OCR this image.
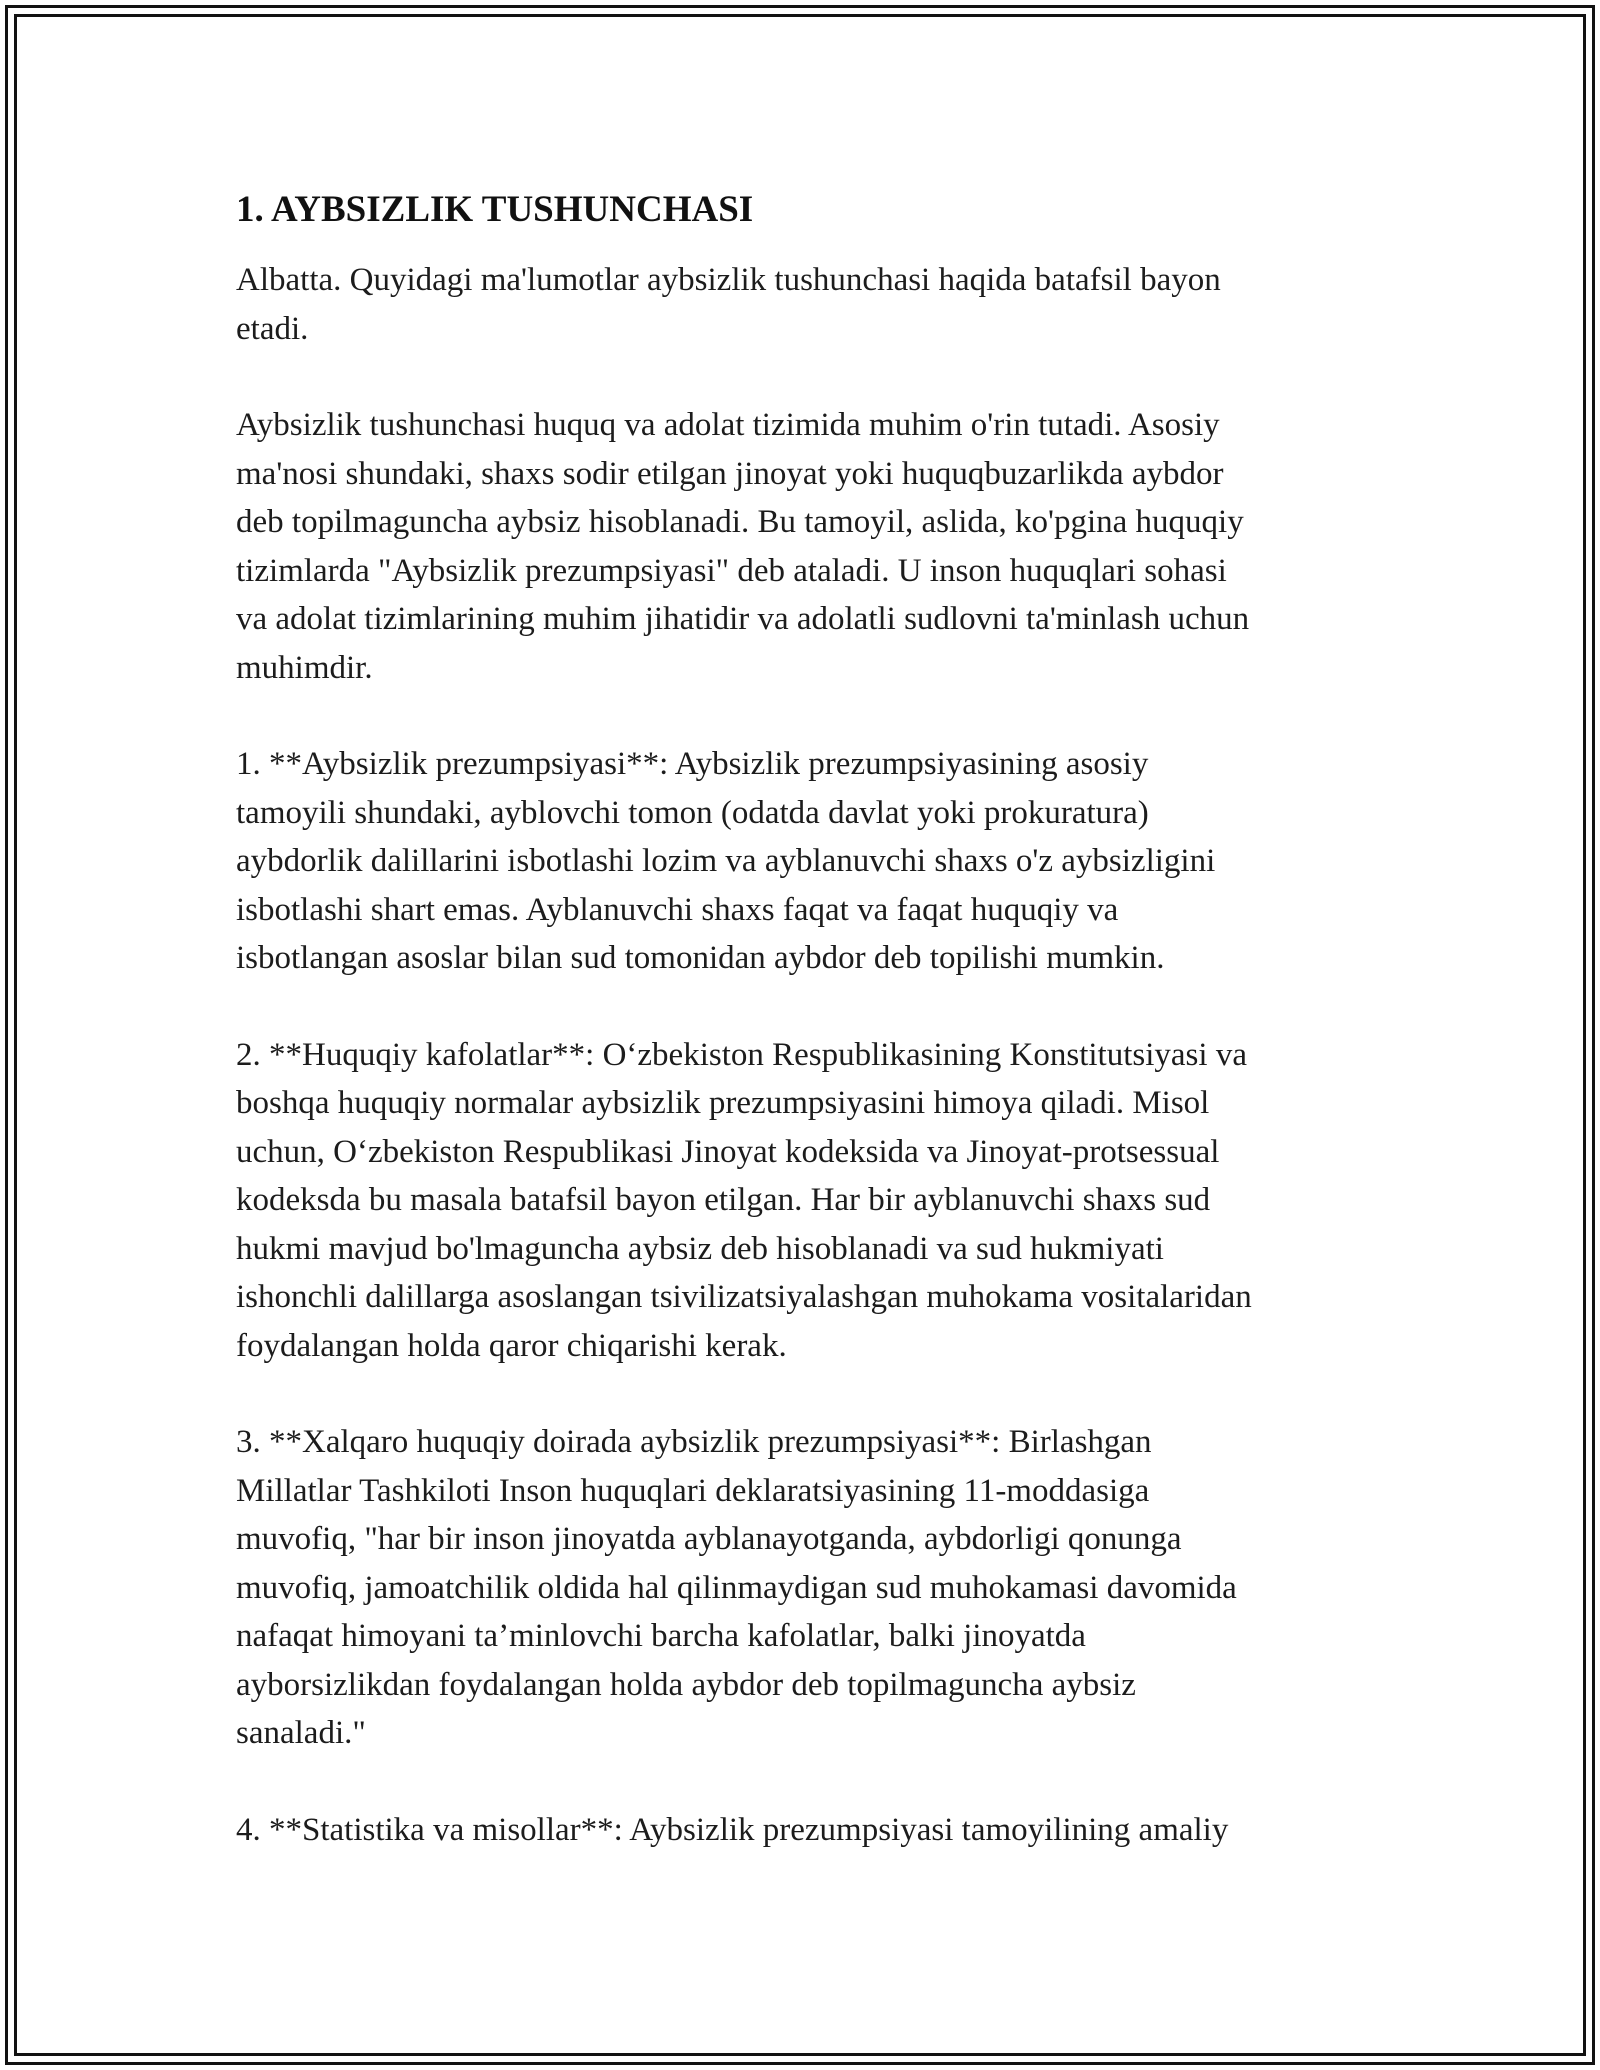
1. AYBSIZLIK TUSHUNCHASI

Albatta. Quyidagi ma'lumotlar aybsizlik tushunchasi haqida batafsil bayon
etadi.

Aybsizlik tushunchasi huquq va adolat tizimida muhim o'rin tutadi. Asosiy
ma'nosi shundaki, shaxs sodir etilgan jinoyat yoki huquqbuzarlikda aybdor
deb topilmaguncha aybsiz hisoblanadi. Bu tamoyil, aslida, ko'pgina huquqiy
tizimlarda "Aybsizlik prezumpsiyasi" deb ataladi. U inson huquqlari sohasi
va adolat tizimlarining muhim jihatidir va adolatli sudlovni ta'minlash uchun
muhimdir.

1. **Aybsizlik prezumpsiyasi**: Aybsizlik prezumpsiyasining asosiy
tamoyili shundaki, ayblovchi tomon (odatda davlat yoki prokuratura)
aybdorlik dalillarini isbotlashi lozim va ayblanuvchi shaxs o'z aybsizligini
isbotlashi shart emas. Ayblanuvchi shaxs faqat va faqat huquqiy va
isbotlangan asoslar bilan sud tomonidan aybdor deb topilishi mumkin.

2. **Huquqiy kafolatlar**: O‘zbekiston Respublikasining Konstitutsiyasi va
boshqa huquqiy normalar aybsizlik prezumpsiyasini himoya qiladi. Misol
uchun, O‘zbekiston Respublikasi Jinoyat kodeksida va Jinoyat-protsessual
kodeksda bu masala batafsil bayon etilgan. Har bir ayblanuvchi shaxs sud
hukmi mavjud bo'lmaguncha aybsiz deb hisoblanadi va sud hukmiyati
ishonchli dalillarga asoslangan tsivilizatsiyalashgan muhokama vositalaridan
foydalangan holda qaror chiqarishi kerak.

3. **Xalqaro huquqiy doirada aybsizlik prezumpsiyasi**: Birlashgan
Millatlar Tashkiloti Inson huquqlari deklaratsiyasining 11-moddasiga
muvofiq, "har bir inson jinoyatda ayblanayotganda, aybdorligi qonunga
muvofiq, jamoatchilik oldida hal qilinmaydigan sud muhokamasi davomida
nafaqat himoyani ta’minlovchi barcha kafolatlar, balki jinoyatda
ayborsizlikdan foydalangan holda aybdor deb topilmaguncha aybsiz
sanaladi."

4. **Statistika va misollar**: Aybsizlik prezumpsiyasi tamoyilining amaliy
